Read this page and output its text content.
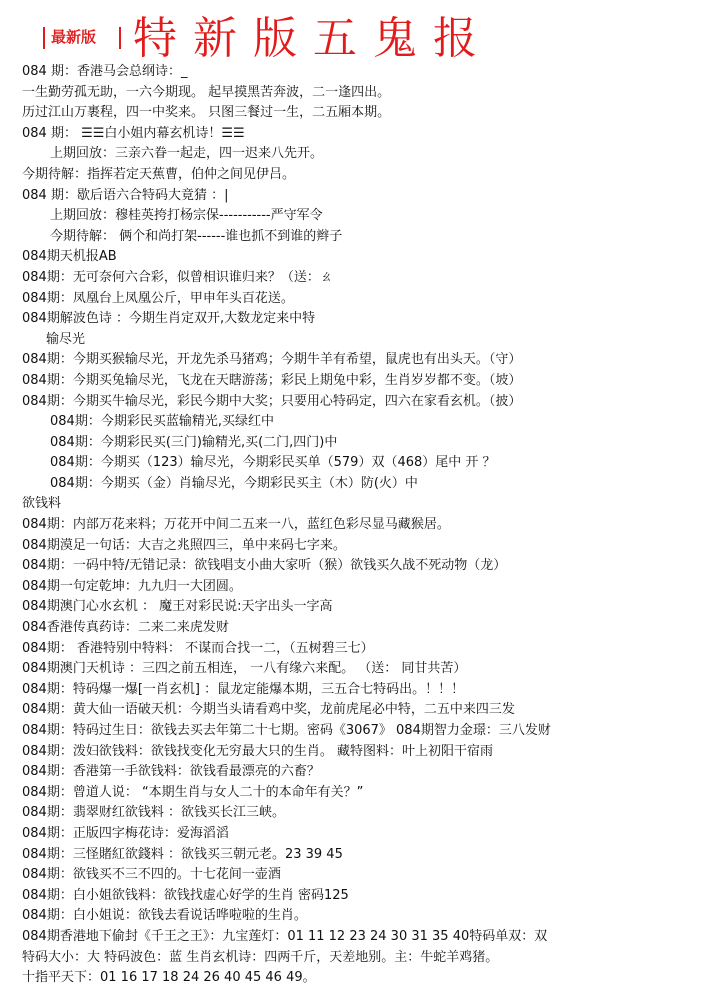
最新版 特新版五鬼报
084 期：香港马会总纲诗：_
一生勤劳孤无助，一六今期现。 起早摸黑苦奔波，二一逢四出。
历过江山万裹程，四一中奖来。 只图三餐过一生，二五厢本期。
084 期： ☰☰白小姐内幕玄机诗！☰☰
上期回放：三亲六眷一起走，四一迟来八先开。
今期待解：指挥若定天蕉曹，伯仲之间见伊吕。
084 期：歇后语六合特码大竟猜 ：|
上期回放：穆桂英挎打杨宗保-----------严守军令
今期待解： 俩个和尚打架------谁也抓不到谁的辫子
084期天机报AB
084期：无可奈何六合彩，似曾相识谁归来？（送：ㄠ
084期：凤凰台上凤凰公斤，甲申年头百花送。
084期解波色诗 ：今期生肖定双开,大数龙定来中特
输尽光
084期：今期买猴输尽光，开龙先杀马猪鸡；今期牛羊有希望，鼠虎也有出头天。（守）
084期：今期买兔输尽光，飞龙在天瞎游荡；彩民上期兔中彩，生肖岁岁都不变。（坡）
084期：今期买牛输尽光，彩民今期中大奖；只要用心特码定，四六在家看玄机。（披）
084期：今期彩民买蓝输精光,买绿红中
084期：今期彩民买(三门)输精光,买(二门,四门)中
084期：今期买（123）输尽光，今期彩民买单（579）双（468）尾中 开 ？
084期：今期买（金）肖输尽光，今期彩民买主（木）防(火）中
欲钱料
084期：内部万花来料；万花开中间二五来一八，蓝红色彩尽显马藏猴居。
084期漠足一句话：大吉之兆照四三，单中来码七字来。
084期：一码中特/无错记录：欲钱唱支小曲大家听（猴）欲钱买久战不死动物（龙）
084期一句定乾坤：九九归一大团圆。
084期澳门心水玄机 ： 魔王对彩民说:天字出头一字高
084香港传真药诗：二来二来虎发财
084期： 香港特别中特料： 不谋而合找一二，（五树碧三七）
084期澳门天机诗 ：三四之前五相连， 一八有缘六来配。 （送： 同甘共苦）
084期：特码爆一爆[一肖玄机] ：鼠龙定能爆本期，三五合七特码出。！！！
084期：黄大仙一语破天机：今期当头请看鸡中奖，龙前虎尾必中特，二五中来四三发
084期：特码过生日：欲钱去买去年第二十七期。密码《3067》 084期智力金璟：三八发财
084期：泼妇欲钱料：欲钱找变化无穷最大只的生肖。 藏特图料：叶上初阳干宿雨
084期：香港第一手欲钱料：欲钱看最漂亮的六畜？
084期：曾道人说： “本期生肖与女人二十的本命年有关？”
084期：翡翠财红欲钱料 ：欲钱买长江三峡。
084期：正版四字梅花诗：爱海滔滔
084期：三怪賭紅欲錢料 ：欲钱买三朝元老。23 39 45
084期：欲钱买不三不四的。十七花间一壶酒
084期：白小姐欲钱料：欲钱找虚心好学的生肖 密码125
084期：白小姐说：欲钱去看说话哗啦啦的生肖。
084期香港地下偷封《千王之王》：九宝莲灯：01 11 12 23 24 30 31 35 40特码单双：双
特码大小：大 特码波色：蓝 生肖玄机诗：四两千斤，天差地别。主：牛蛇羊鸡猪。
十指平天下：01 16 17 18 24 26 40 45 46 49。
